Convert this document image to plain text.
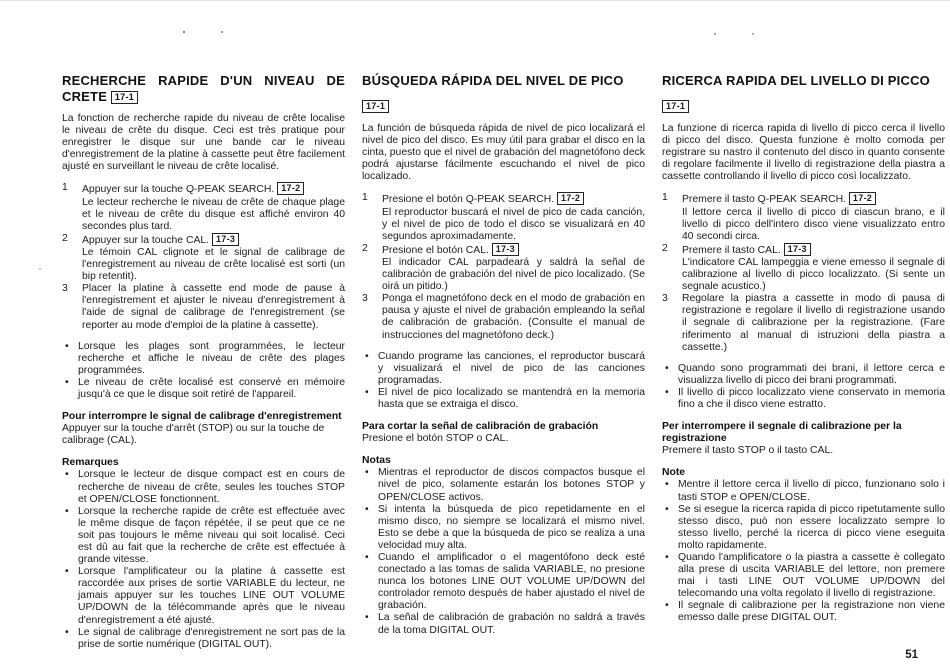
RECHERCHE RAPIDE D'UN NIVEAU DE CRETE 17-1

La fonction de recherche rapide du niveau de crête localise le niveau de crête du disque. Ceci est très pratique pour enregistrer le disque sur une bande car le niveau d'enregistrement de la platine à cassette peut être facilement ajusté en surveillant le niveau de crête localisé.

1	Appuyer sur la touche Q-PEAK SEARCH. 17-2
Le lecteur recherche le niveau de crête de chaque plage et le niveau de crête du disque est affiché environ 40 secondes plus tard.
2	Appuyer sur la touche CAL. 17-3
Le témoin CAL clignote et le signal de calibrage de l'enregistrement au niveau de crête localisé est sorti (un bip retentit).
3	Placer la platine à cassette end mode de pause à l'enregistrement et ajuster le niveau d'enregistrement à l'aide de signal de calibrage de l'enregistrement (se reporter au mode d'emploi de la platine à cassette).
• Lorsque les plages sont programmées, le lecteur recherche et affiche le niveau de crête des plages programmées.
• Le niveau de crête localisé est conservé en mémoire jusqu'à ce que le disque soit retiré de l'appareil.

Pour interrompre le signal de calibrage d'enregistrement

Appuyer sur la touche d'arrêt (STOP) ou sur la touche de calibrage (CAL).

Remarques

• Lorsque le lecteur de disque compact est en cours de recherche de niveau de crête, seules les touches STOP et OPEN/CLOSE fonctionnent.
• Lorsque la recherche rapide de crête est effectuée avec le même disque de façon répétée, il se peut que ce ne soit pas toujours le même niveau qui soit localisé. Ceci est dû au fait que la recherche de crête est effectuée à grande vitesse.
• Lorsque l'amplificateur ou la platine à cassette est raccordée aux prises de sortie VARIABLE du lecteur, ne jamais appuyer sur les touches LINE OUT VOLUME UP/DOWN de la télécommande après que le niveau d'enregistrement a été ajusté.
• Le signal de calibrage d'enregistrement ne sort pas de la prise de sortie numérique (DIGITAL OUT).
BÚSQUEDA RÁPIDA DEL NIVEL DE PICO
17-1

La función de búsqueda rápida de nivel de pico localizará el nivel de pico del disco. Es muy útil para grabar el disco en la cinta, puesto que el nivel de grabación del magnetófono deck podrá ajustarse fácilmente escuchando el nivel de pico localizado.

1	Presione el botón Q-PEAK SEARCH. 17-2
El reproductor buscará el nivel de pico de cada canción, y el nivel de pico de todo el disco se visualizará en 40 segundos aproximadamente.
2	Presione el botón CAL. 17-3
El indicador CAL parpadeará y saldrá la señal de calibración de grabación del nivel de pico localizado. (Se oirá un pitido.)
3	Ponga el magnetófono deck en el modo de grabación en pausa y ajuste el nivel de grabación empleando la señal de calibración de grabación. (Consulte el manual de instrucciones del magnetófono deck.)
• Cuando programe las canciones, el reproductor buscará y visualizará el nivel de pico de las canciones programadas.
• El nivel de pico localizado se mantendrá en la memoria hasta que se extraiga el disco.

Para cortar la señal de calibración de grabación

Presione el botón STOP o CAL.

Notas

• Mientras el reproductor de discos compactos busque el nivel de pico, solamente estarán los botones STOP y OPEN/CLOSE activos.
• Si intenta la búsqueda de pico repetidamente en el mismo disco, no siempre se localizará el mismo nivel. Esto se debe a que la búsqueda de pico se realiza a una velocidad muy alta.
• Cuando el amplificador o el magentófono deck esté conectado a las tomas de salida VARIABLE, no presione nunca los botones LINE OUT VOLUME UP/DOWN del controlador remoto después de haber ajustado el nivel de grabación.
• La señal de calibración de grabación no saldrá a través de la toma DIGITAL OUT.
RICERCA RAPIDA DEL LIVELLO DI PICCO
17-1

La funzione di ricerca rapida di livello di picco cerca il livello di picco del disco. Questa funzione è molto comoda per registrare su nastro il contenuto del disco in quanto consente di regolare facilmente il livello di registrazione della piastra a cassette controllando il livello di picco così localizzato.

1	Premere il tasto Q-PEAK SEARCH. 17-2
Il lettore cerca il livello di picco di ciascun brano, e il livello di picco dell'intero disco viene visualizzato entro 40 secondi circa.
2	Premere il tasto CAL. 17-3
L'indicatore CAL lampeggia e viene emesso il segnale di calibrazione al livello di picco localizzato. (Si sente un segnale acustico.)
3	Regolare la piastra a cassette in modo di pausa di registrazione e regolare il livello di registrazione usando il segnale di calibrazione per la registrazione. (Fare riferimento al manual di istruzioni della piastra a cassette.)
• Quando sono programmati dei brani, il lettore cerca e visualizza livello di picco dei brani programmati.
• Il livello di picco localizzato viene conservato in memoria fino a che il disco viene estratto.

Per interrompere il segnale di calibrazione per la registrazione

Premere il tasto STOP o il tasto CAL.

Note

• Mentre il lettore cerca il livello di picco, funzionano solo i tasti STOP e OPEN/CLOSE.
• Se si esegue la ricerca rapida di picco ripetutamente sullo stesso disco, può non essere localizzato sempre lo stesso livello, perché la ricerca di picco viene eseguita molto rapidamente.
• Quando l'amplificatore o la piastra a cassette è collegato alla prese di uscita VARIABLE del lettore, non premere mai i tasti LINE OUT VOLUME UP/DOWN del telecomando una volta regolato il livello di registrazione.
• Il segnale di calibrazione per la registrazione non viene emesso dalle prese DIGITAL OUT.
51
